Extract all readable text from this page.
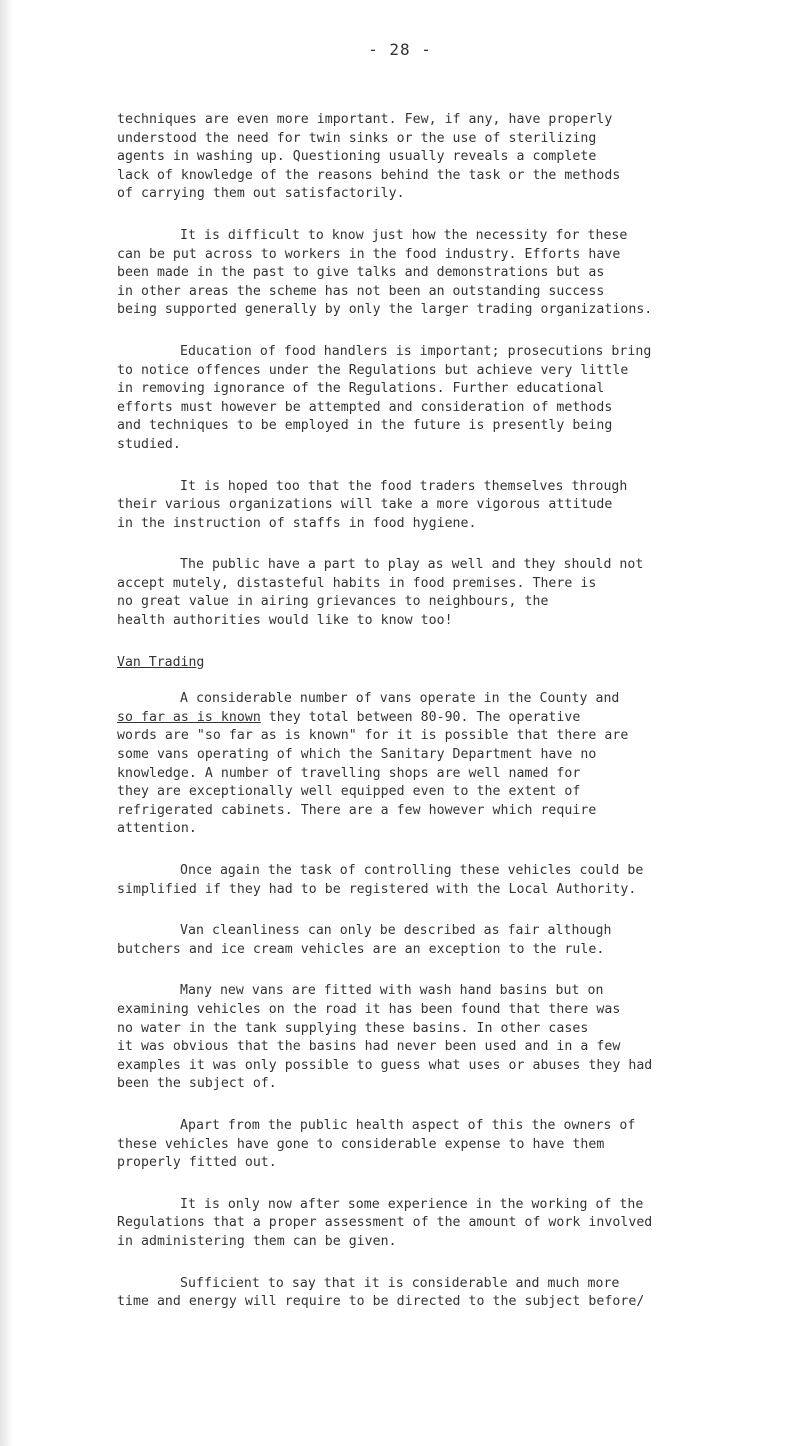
- 28 -

techniques are even more important. Few, if any, have properly
understood the need for twin sinks or the use of sterilizing
agents in washing up. Questioning usually reveals a complete
lack of knowledge of the reasons behind the task or the methods
of carrying them out satisfactorily.

It is difficult to know just how the necessity for these
can be put across to workers in the food industry. Efforts have
been made in the past to give talks and demonstrations but as
in other areas the scheme has not been an outstanding success
being supported generally by only the larger trading organizations.

Education of food handlers is important; prosecutions bring
to notice offences under the Regulations but achieve very little
in removing ignorance of the Regulations. Further educational
efforts must however be attempted and consideration of methods
and techniques to be employed in the future is presently being
studied.

It is hoped too that the food traders themselves through
their various organizations will take a more vigorous attitude
in the instruction of staffs in food hygiene.

The public have a part to play as well and they should not
accept mutely, distasteful habits in food premises. There is
no great value in airing grievances to neighbours, the
health authorities would like to know too!

Van Trading

A considerable number of vans operate in the County and
so far as is known they total between 80-90. The operative
words are "so far as is known" for it is possible that there are
some vans operating of which the Sanitary Department have no
knowledge. A number of travelling shops are well named for
they are exceptionally well equipped even to the extent of
refrigerated cabinets. There are a few however which require
attention.

Once again the task of controlling these vehicles could be
simplified if they had to be registered with the Local Authority.

Van cleanliness can only be described as fair although
butchers and ice cream vehicles are an exception to the rule.

Many new vans are fitted with wash hand basins but on
examining vehicles on the road it has been found that there was
no water in the tank supplying these basins. In other cases
it was obvious that the basins had never been used and in a few
examples it was only possible to guess what uses or abuses they had
been the subject of.

Apart from the public health aspect of this the owners of
these vehicles have gone to considerable expense to have them
properly fitted out.

It is only now after some experience in the working of the
Regulations that a proper assessment of the amount of work involved
in administering them can be given.

Sufficient to say that it is considerable and much more
time and energy will require to be directed to the subject before/
